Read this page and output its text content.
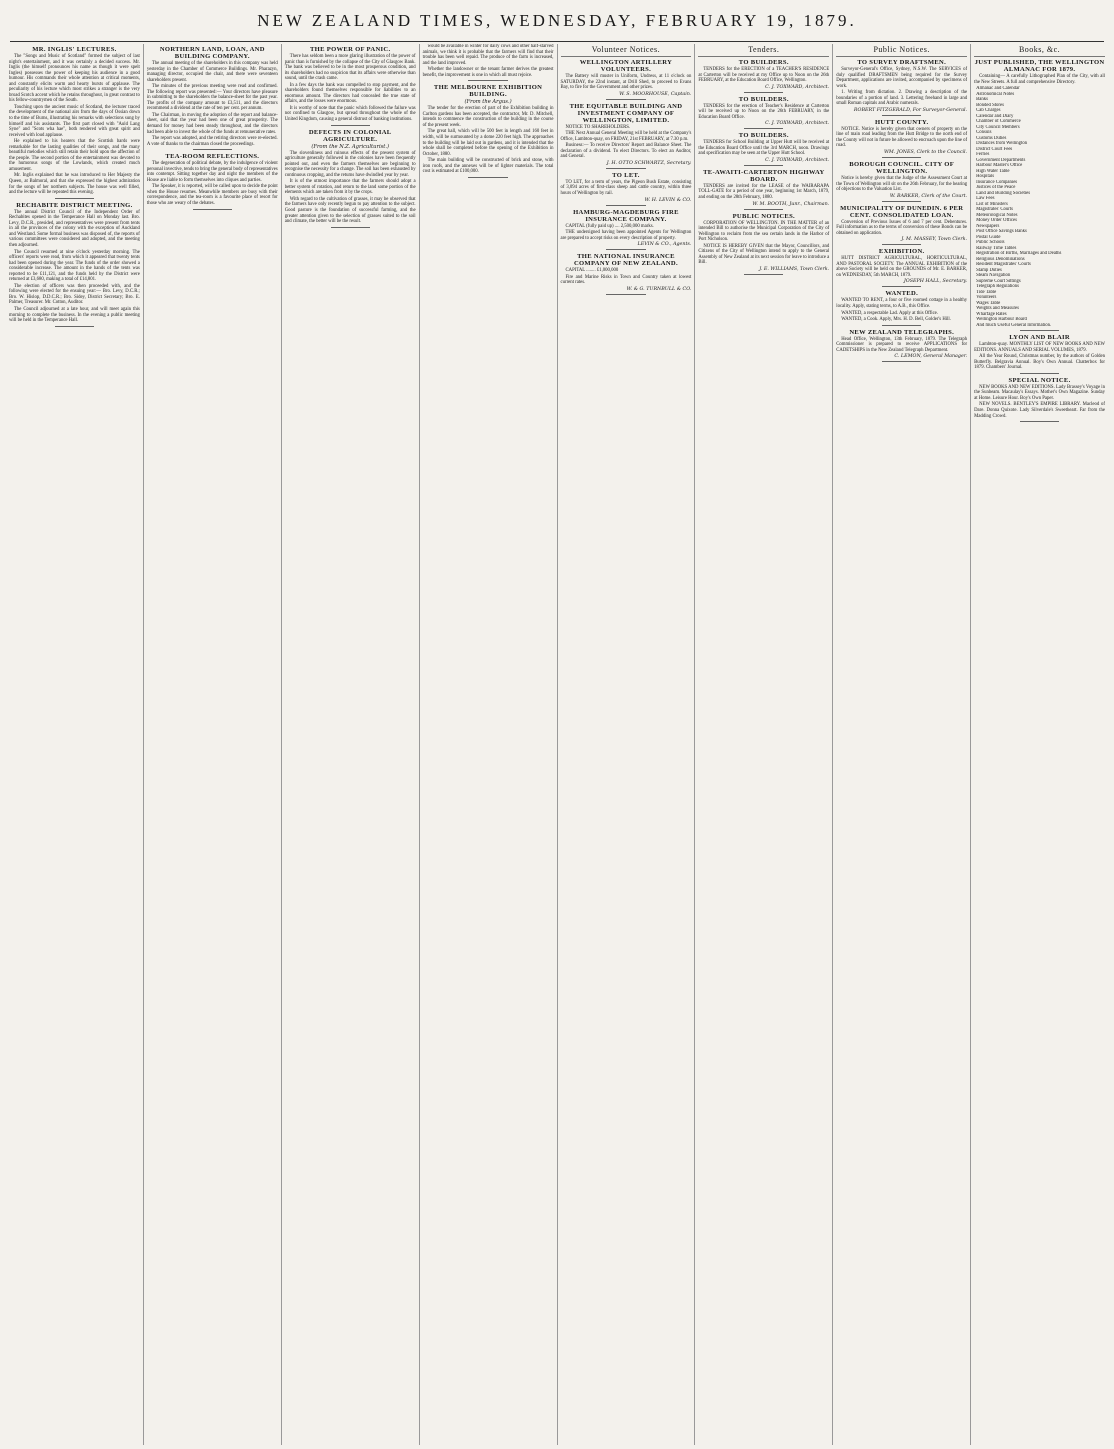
NEW ZEALAND TIMES, WEDNESDAY, FEBRUARY 19, 1879.
MR. INGLIS' LECTURES.

The "Songs and Music of Scotland" formed the subject of last night's entertainment, and it was certainly a decided success. Mr. Inglis (the himself pronounces his name as though it were spelt Ingles) possesses the power of keeping his audience in a good humour. His commands their whole attention at critical moments, and constantly elicits warm and hearty bursts of applause. The peculiarity of his lecture which most strikes a stranger is the very broad Scotch accent which he retains throughout, in great contrast to his fellow-countrymen of the South.

Touching upon the ancient music of Scotland, the lecturer traced the development of the national airs from the days of Ossian down to the time of Burns, illustrating his remarks with selections sung by himself and his assistants. The first part closed with "Auld Lang Syne" and "Scots wha hae", both rendered with great spirit and received with loud applause.

He explained to his hearers that the Scottish bards were remarkable for the lasting qualities of their songs, and the many beautiful melodies which still retain their hold upon the affection of the people. The second portion of the entertainment was devoted to the humorous songs of the Lowlands, which created much amusement.

Mr. Inglis explained that he was introduced to Her Majesty the Queen, at Balmoral, and that she expressed the highest admiration for the songs of her northern subjects. The house was well filled, and the lecture will be repeated this evening.

RECHABITE DISTRICT MEETING.

The annual District Council of the Independent Order of Rechabites opened in the Temperance Hall on Monday last. Bro. Levy, D.C.R., presided, and representatives were present from tents in all the provinces of the colony with the exception of Auckland and Westland. Some formal business was disposed of, the reports of various committees were considered and adopted, and the meeting then adjourned.

The Council resumed at nine o'clock yesterday morning. The officers' reports were read, from which it appeared that twenty tents had been opened during the year. The funds of the order showed a considerable increase. The amount in the hands of the tents was reported to be £11,121, and the funds held by the District were returned at £3,680, making a total of £14,801.

The election of officers was then proceeded with, and the following were elected for the ensuing year:— Bro. Levy, D.C.R.; Bro. W. Hislop, D.D.C.R.; Bro. Sidey, District Secretary; Bro. E. Palmer, Treasurer. Mr. Cotton, Auditor.

The Council adjourned at a late hour, and will meet again this morning to complete the business. In the evening a public meeting will be held in the Temperance Hall.

NORTHERN LAND, LOAN, AND BUILDING COMPANY.

The annual meeting of the shareholders in this company was held yesterday in the Chamber of Commerce Buildings. Mr. Pharazyn, managing director, occupied the chair, and there were seventeen shareholders present.

The minutes of the previous meeting were read and confirmed. The following report was presented:— Your directors have pleasure in submitting to the shareholders the balance-sheet for the past year. The profits of the company amount to £3,511, and the directors recommend a dividend at the rate of ten per cent. per annum.

The Chairman, in moving the adoption of the report and balance-sheet, said that the year had been one of great prosperity. The demand for money had been steady throughout, and the directors had been able to invest the whole of the funds at remunerative rates.

The report was adopted, and the retiring directors were re-elected. A vote of thanks to the chairman closed the proceedings.

TEA-ROOM REFLECTIONS.

The degeneration of political debate, by the indulgence of violent personal invective, tends to bring the general body of representatives into contempt. Sitting together day and night the members of the House are liable to form themselves into cliques and parties.

The Speaker, it is reported, will be called upon to decide the point when the House resumes. Meanwhile members are busy with their correspondence, and the tea-room is a favourite place of resort for those who are weary of the debates.

THE POWER OF PANIC.

There has seldom been a more glaring illustration of the power of panic than is furnished by the collapse of the City of Glasgow Bank. The bank was believed to be in the most prosperous condition, and its shareholders had no suspicion that its affairs were otherwise than sound, until the crash came.

In a few days the bank was compelled to stop payment, and the shareholders found themselves responsible for liabilities to an enormous amount. The directors had concealed the true state of affairs, and the losses were enormous.

It is worthy of note that the panic which followed the failure was not confined to Glasgow, but spread throughout the whole of the United Kingdom, causing a general distrust of banking institutions.

DEFECTS IN COLONIAL AGRICULTURE.
(From the N.Z. Agriculturist.)

The slovenliness and ruinous effects of the present system of agriculture generally followed in the colonies have been frequently pointed out, and even the farmers themselves are beginning to recognise the necessity for a change. The soil has been exhausted by continuous cropping, and the returns have dwindled year by year.

It is of the utmost importance that the farmers should adopt a better system of rotation, and return to the land some portion of the elements which are taken from it by the crops.

With regard to the cultivation of grasses, it may be observed that the farmers have only recently begun to pay attention to the subject. Good pasture is the foundation of successful farming, and the greater attention given to the selection of grasses suited to the soil and climate, the better will be the result.

would be available in winter for dairy cows and other half-starved animals, we think it is probable that the farmers will find that their trouble has been well repaid. The produce of the farm is increased, and the land improved.

Whether the landowner or the tenant farmer derives the greatest benefit, the improvement is one in which all must rejoice.

THE MELBOURNE EXHIBITION BUILDING.
(From the Argus.)

The tender for the erection of part of the Exhibition building in Carlton gardens has been accepted, the contractor, Mr. D. Mitchell, intends to commence the construction of the building in the course of the present week.

The great hall, which will be 500 feet in length and 160 feet in width, will be surmounted by a dome 220 feet high. The approaches to the building will be laid out in gardens, and it is intended that the whole shall be completed before the opening of the Exhibition in October, 1880.

The main building will be constructed of brick and stone, with iron roofs, and the annexes will be of lighter materials. The total cost is estimated at £100,000.

Volunteer Notices.
WELLINGTON ARTILLERY VOLUNTEERS.

The Battery will muster in Uniform, Undress, at 11 o'clock on SATURDAY, the 22nd instant, at Drill Shed, to proceed to Evans Bay, to fire for the Government and other prizes.

W. S. MOORHOUSE, Captain.
THE EQUITABLE BUILDING AND INVESTMENT COMPANY OF WELLINGTON, LIMITED.

NOTICE TO SHAREHOLDERS.

THE Next Annual General Meeting will be held at the Company's Office, Lambton-quay, on FRIDAY, 21st FEBRUARY, at 7.30 p.m.

Business:— To receive Directors' Report and Balance Sheet. The declaration of a dividend. To elect Directors. To elect an Auditor, and General.

J. H. OTTO SCHWARTZ, Secretary.
TO LET.

TO LET, for a term of years, the Pigeon Bush Estate, consisting of 3,094 acres of first-class sheep and cattle country, within three hours of Wellington by rail.

W. H. LEVIN & CO.
HAMBURG-MAGDEBURG FIRE INSURANCE COMPANY.

CAPITAL (fully paid up) .... 2,500,000 marks.

THE undersigned having been appointed Agents for Wellington are prepared to accept risks on every description of property.

LEVIN & CO., Agents.
THE NATIONAL INSURANCE COMPANY OF NEW ZEALAND.

CAPITAL ........ £1,000,000

Fire and Marine Risks in Town and Country taken at lowest current rates.

W. & G. TURNBULL & CO.
Tenders.
TO BUILDERS.

TENDERS for the ERECTION of a TEACHER'S RESIDENCE at Carterton will be received at my Office up to Noon on the 26th FEBRUARY, at the Education Board Office, Wellington.

C. J. TOXWARD, Architect.
TO BUILDERS.

TENDERS for the erection of Teacher's Residence at Carterton will be received up to Noon on the 26th FEBRUARY, in the Education Board Office.

C. J. TOXWARD, Architect.
TO BUILDERS.

TENDERS for School Building at Upper Hutt will be received at the Education Board Office until the 3rd MARCH, noon. Drawings and specification may be seen at the Upper Hutt School.

C. J. TOXWARD, Architect.
TE-AWAITI-CARTERTON HIGHWAY BOARD.

TENDERS are invited for the LEASE of the WAIRARAPA TOLL-GATE for a period of one year, beginning 1st March, 1879, and ending on the 28th February, 1880.

W. M. BOOTH, Junr., Chairman.
PUBLIC NOTICES.

CORPORATION OF WELLINGTON. IN THE MATTER of an intended Bill to authorise the Municipal Corporation of the City of Wellington to reclaim from the sea certain lands in the Harbor of Port Nicholson.

NOTICE IS HEREBY GIVEN that the Mayor, Councillors, and Citizens of the City of Wellington intend to apply to the General Assembly of New Zealand at its next session for leave to introduce a Bill.

J. E. WILLIAMS, Town Clerk.
Public Notices.
TO SURVEY DRAFTSMEN.

Surveyor-General's Office, Sydney, N.S.W. The SERVICES of duly qualified DRAFTSMEN being required for the Survey Department, applications are invited, accompanied by specimens of work.

1. Writing from dictation. 2. Drawing a description of the boundaries of a portion of land. 3. Lettering freehand in large and small Roman capitals and Arabic numerals.

ROBERT FITZGERALD, For Surveyor-General.
HUTT COUNTY.

NOTICE. Notice is hereby given that owners of property on the line of main road leading from the Hutt Bridge to the north end of the County will not in future be allowed to encroach upon the line of road.

WM. JONES, Clerk to the Council.
BOROUGH COUNCIL. CITY OF WELLINGTON.

Notice is hereby given that the Judge of the Assessment Court at the Town of Wellington will sit on the 26th February, for the hearing of objections to the Valuation List.

W. BARKER, Clerk of the Court.
MUNICIPALITY OF DUNEDIN. 6 PER CENT. CONSOLIDATED LOAN.

Conversion of Previous Issues of 6 and 7 per cent. Debentures. Full information as to the terms of conversion of these Bonds can be obtained on application.

J. M. MASSEY, Town Clerk.
EXHIBITION.

HUTT DISTRICT AGRICULTURAL, HORTICULTURAL, AND PASTORAL SOCIETY. The ANNUAL EXHIBITION of the above Society will be held on the GROUNDS of Mr. E. BARKER, on WEDNESDAY, 5th MARCH, 1879.

JOSEPH HALL, Secretary.
WANTED.

WANTED TO RENT, a four or five roomed cottage in a healthy locality. Apply, stating terms, to A.B., this Office.

WANTED, a respectable Lad. Apply at this Office.

WANTED, a Cook. Apply, Mrs. H. D. Bell, Golder's Hill.

NEW ZEALAND TELEGRAPHS.

Head Office, Wellington, 13th February, 1879. The Telegraph Commissioner is prepared to receive APPLICATIONS for CADETSHIPS in the New Zealand Telegraph Department.

C. LEMON, General Manager.
Books, &c.
JUST PUBLISHED, THE WELLINGTON ALMANAC FOR 1879.

Containing— A carefully Lithographed Plan of the City, with all the New Streets. A full and comprehensive Directory.

Almanac and Calendar
Astronomical Notes
Banks
Bonded Stores
Cab Charges
Calendar and Diary
Chamber of Commerce
City Council Members
Consuls
Customs Duties
Distances from Wellington
District Court Fees
Ferries
Government Departments
Harbour Master's Office
High Water Table
Hospitals
Insurance Companies
Justices of the Peace
Land and Building Societies
Law Fees
List of Ministers
Magistrates' Courts
Meteorological Notes
Money Order Offices
Newspapers
Post Office Savings Banks
Postal Guide
Public Schools
Railway Time Tables
Registration of Births, Marriages and Deaths
Religious Denominations
Resident Magistrates' Courts
Stamp Duties
Steam Navigation
Supreme Court Sittings
Telegraph Regulations
Tide Table
Volunteers
Wages Table
Weights and Measures
Wharfage Rates
Wellington Harbour Board
And much Useful General Information.
LYON AND BLAIR

Lambton-quay. MONTHLY LIST OF NEW BOOKS AND NEW EDITIONS. ANNUALS AND SERIAL VOLUMES, 1879.

All the Year Round, Christmas number, by the authors of Golden Butterfly. Belgravia Annual. Boy's Own Annual. Chatterbox for 1879. Chambers' Journal.

SPECIAL NOTICE.

NEW BOOKS AND NEW EDITIONS. Lady Brassey's Voyage in the Sunbeam. Macaulay's Essays. Mother's Own Magazine. Sunday at Home. Leisure Hour. Boy's Own Paper.

NEW NOVELS. BENTLEY'S EMPIRE LIBRARY. Macleod of Dare. Donna Quixote. Lady Silverdale's Sweetheart. Far from the Madding Crowd.
